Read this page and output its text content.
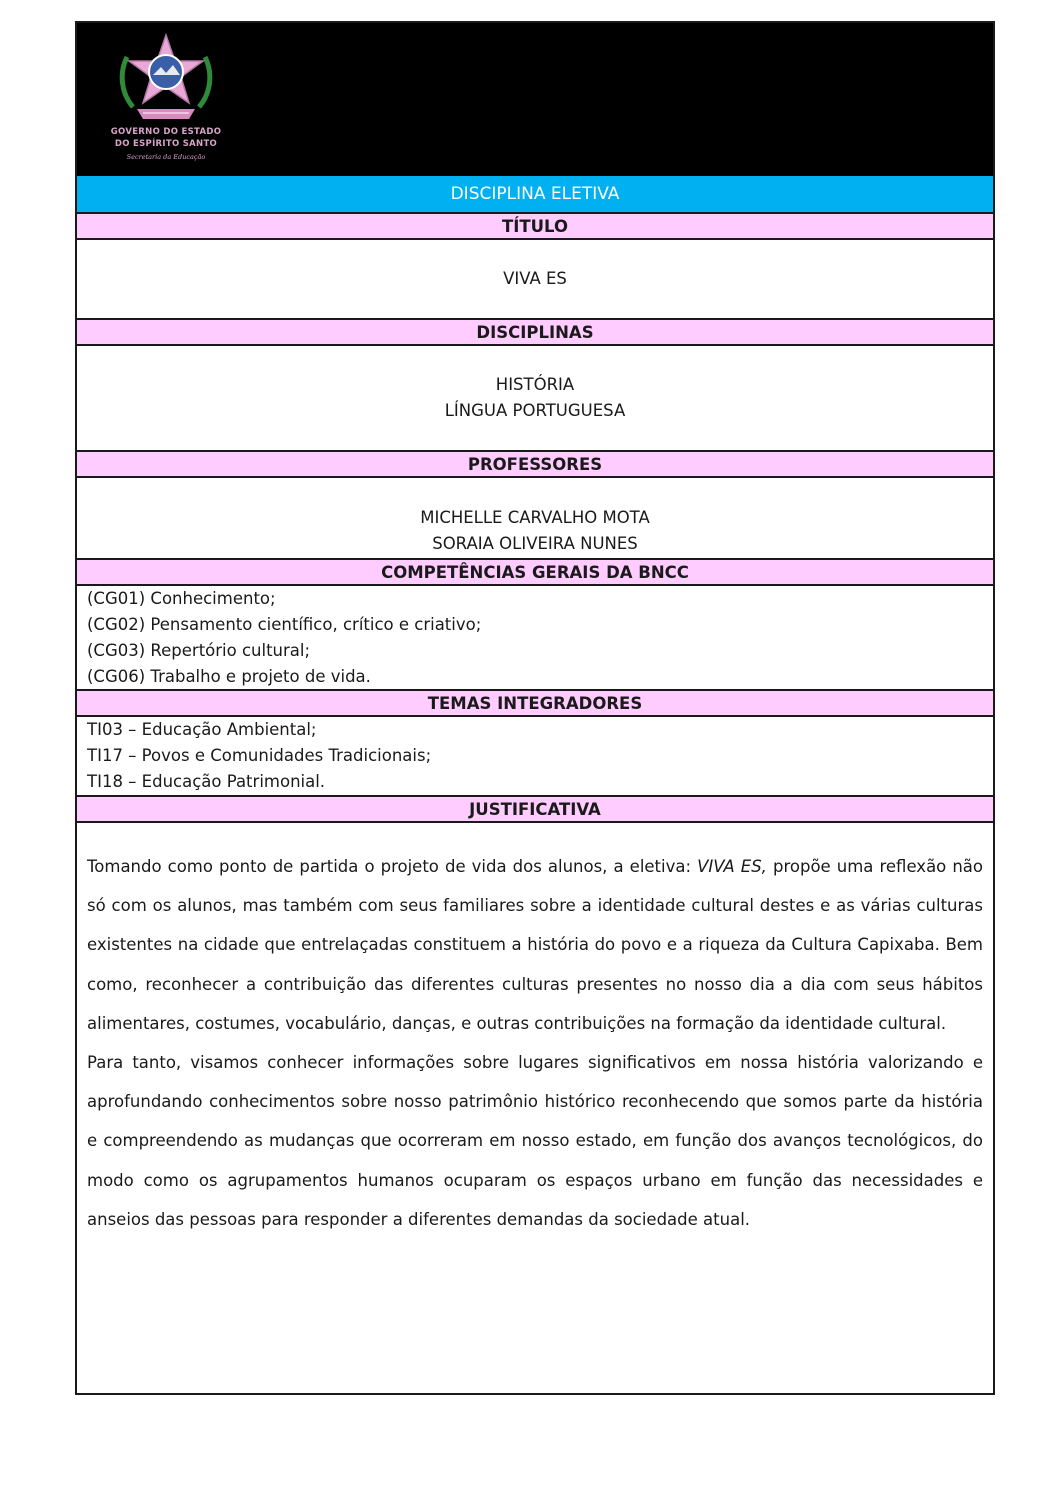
GOVERNO DO ESTADO
DO ESPÍRITO SANTO
Secretaria da Educação
DISCIPLINA ELETIVA
TÍTULO
VIVA ES
DISCIPLINAS
HISTÓRIA
LÍNGUA PORTUGUESA
PROFESSORES
MICHELLE CARVALHO MOTA
SORAIA OLIVEIRA NUNES
COMPETÊNCIAS GERAIS DA BNCC
(CG01) Conhecimento;
(CG02) Pensamento científico, crítico e criativo;
(CG03) Repertório cultural;
(CG06) Trabalho e projeto de vida.
TEMAS INTEGRADORES
TI03 – Educação Ambiental;
TI17 – Povos e Comunidades Tradicionais;
TI18 – Educação Patrimonial.
JUSTIFICATIVA

Tomando como ponto de partida o projeto de vida dos alunos, a eletiva: VIVA ES, propõe uma reflexão não só com os alunos, mas também com seus familiares sobre a identidade cultural destes e as várias culturas existentes na cidade que entrelaçadas constituem a história do povo e a riqueza da Cultura Capixaba. Bem como, reconhecer a contribuição das diferentes culturas presentes no nosso dia a dia com seus hábitos alimentares, costumes, vocabulário, danças, e outras contribuições na formação da identidade cultural.

Para tanto, visamos conhecer informações sobre lugares significativos em nossa história valorizando e aprofundando conhecimentos sobre nosso patrimônio histórico reconhecendo que somos parte da história e compreendendo as mudanças que ocorreram em nosso estado, em função dos avanços tecnológicos, do modo como os agrupamentos humanos ocuparam os espaços urbano em função das necessidades e anseios das pessoas para responder a diferentes demandas da sociedade atual.
